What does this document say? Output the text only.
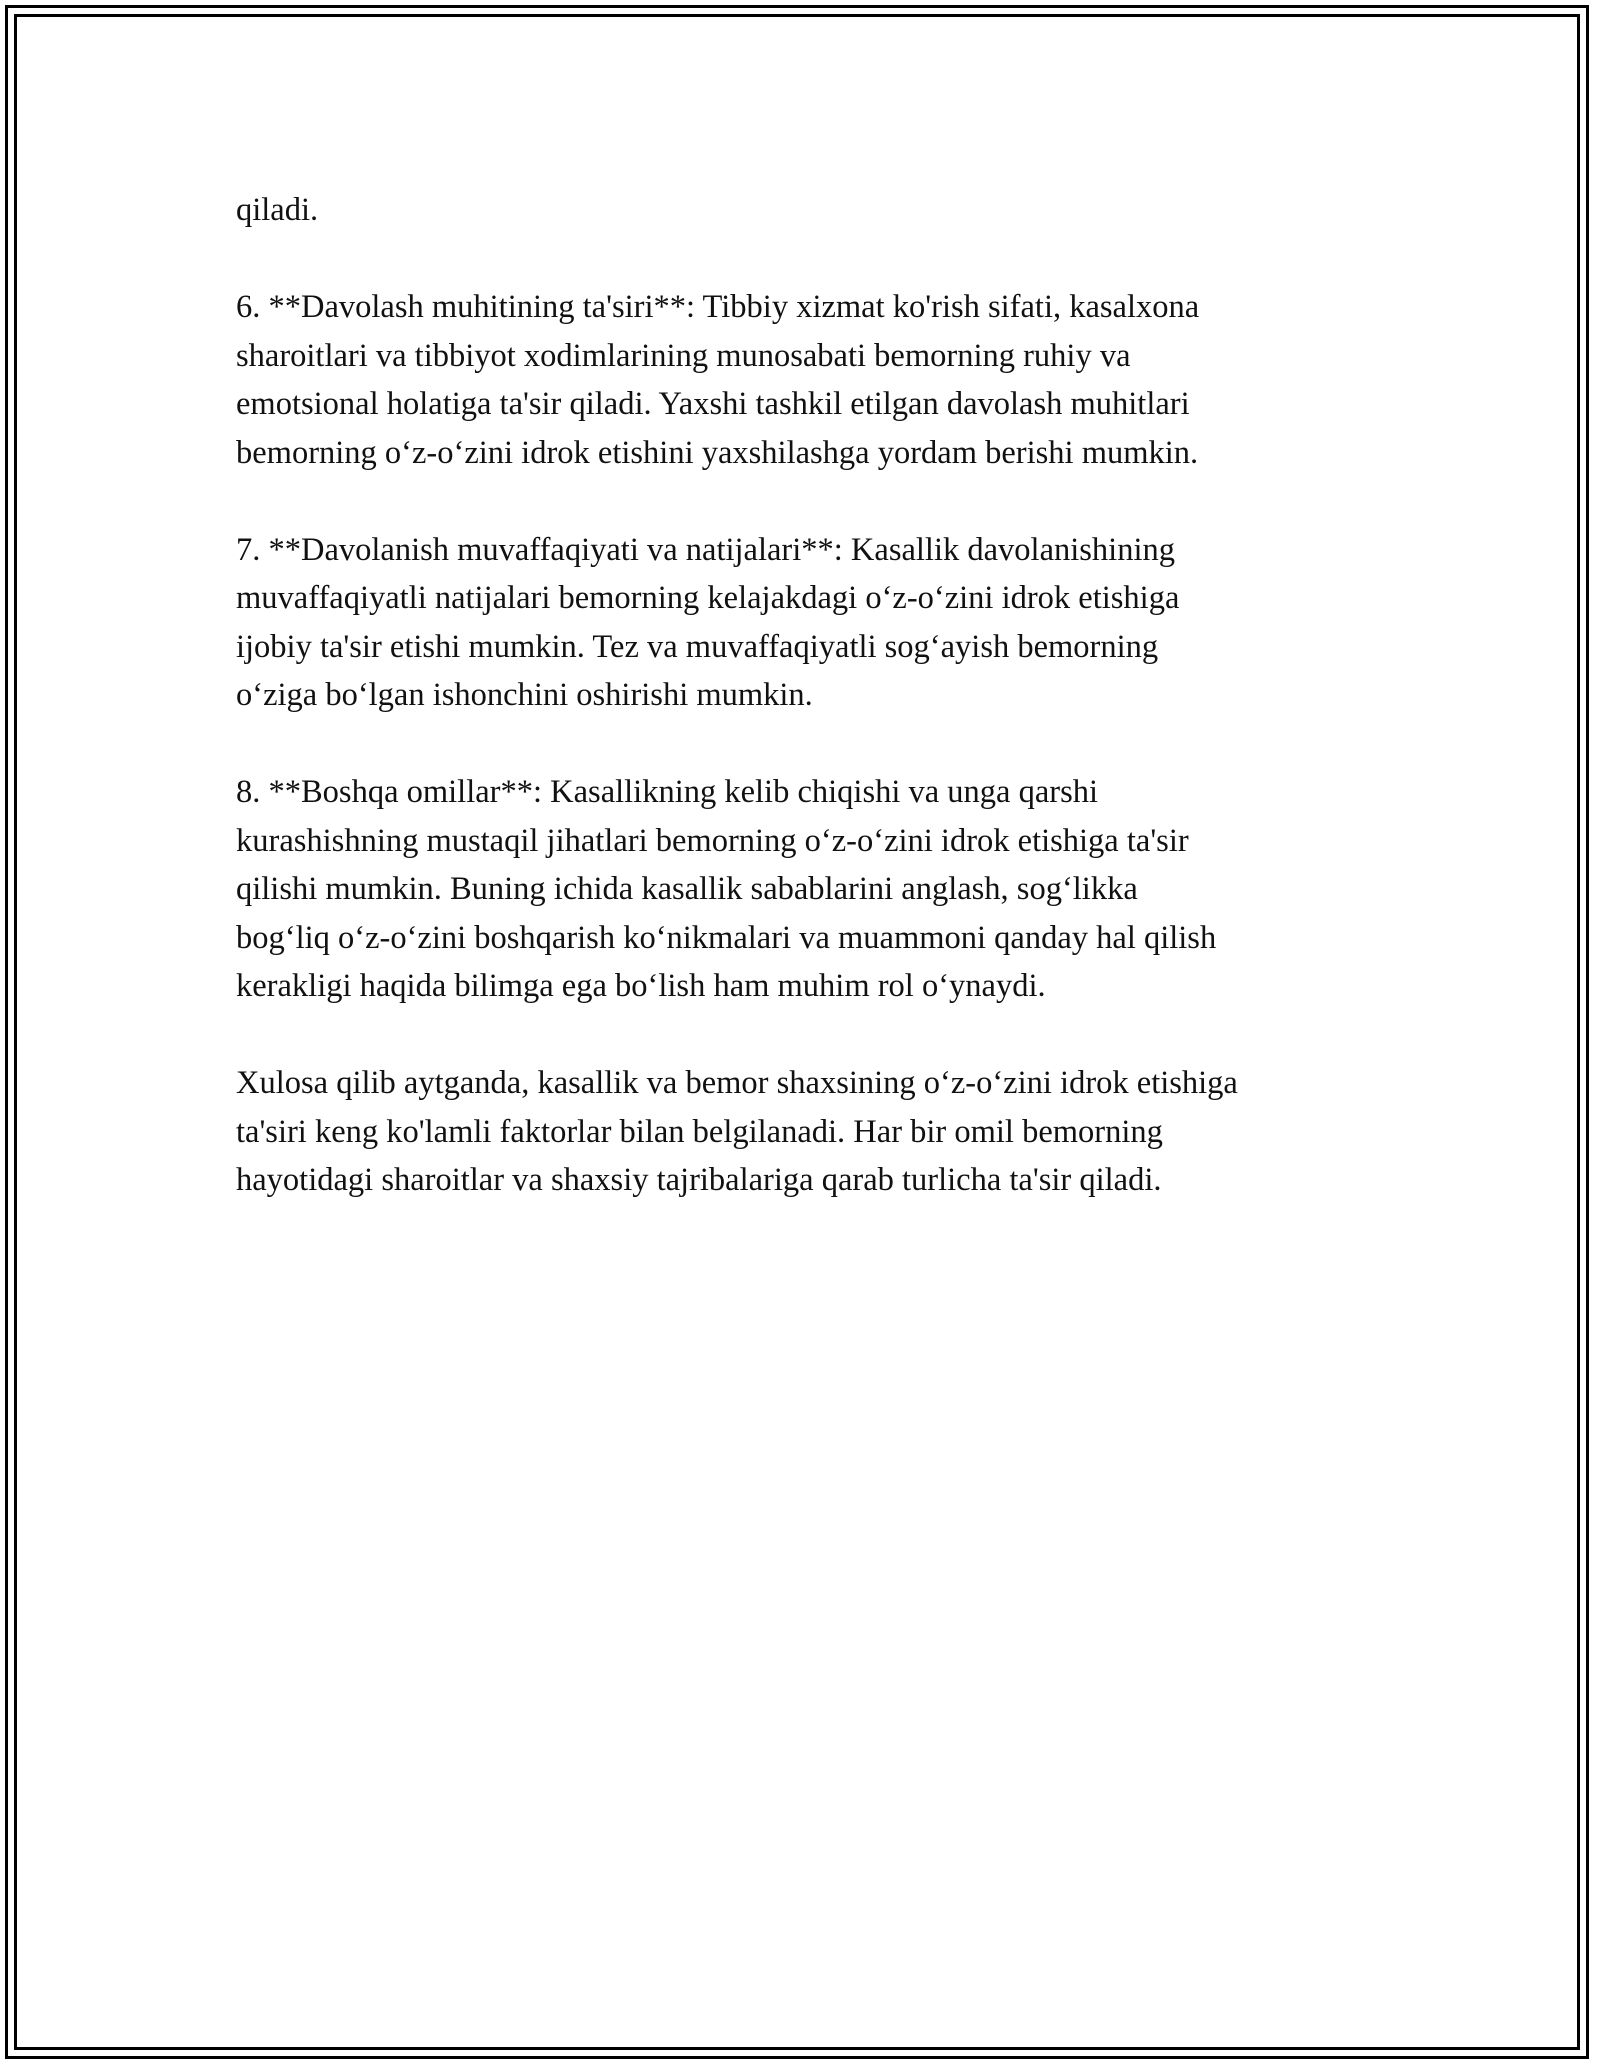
qiladi.

6. **Davolash muhitining ta'siri**: Tibbiy xizmat ko'rish sifati, kasalxona
sharoitlari va tibbiyot xodimlarining munosabati bemorning ruhiy va
emotsional holatiga ta'sir qiladi. Yaxshi tashkil etilgan davolash muhitlari
bemorning o‘z-o‘zini idrok etishini yaxshilashga yordam berishi mumkin.

7. **Davolanish muvaffaqiyati va natijalari**: Kasallik davolanishining
muvaffaqiyatli natijalari bemorning kelajakdagi o‘z-o‘zini idrok etishiga
ijobiy ta'sir etishi mumkin. Tez va muvaffaqiyatli sog‘ayish bemorning
o‘ziga bo‘lgan ishonchini oshirishi mumkin.

8. **Boshqa omillar**: Kasallikning kelib chiqishi va unga qarshi
kurashishning mustaqil jihatlari bemorning o‘z-o‘zini idrok etishiga ta'sir
qilishi mumkin. Buning ichida kasallik sabablarini anglash, sog‘likka
bog‘liq o‘z-o‘zini boshqarish ko‘nikmalari va muammoni qanday hal qilish
kerakligi haqida bilimga ega bo‘lish ham muhim rol o‘ynaydi.

Xulosa qilib aytganda, kasallik va bemor shaxsining o‘z-o‘zini idrok etishiga
ta'siri keng ko'lamli faktorlar bilan belgilanadi. Har bir omil bemorning
hayotidagi sharoitlar va shaxsiy tajribalariga qarab turlicha ta'sir qiladi.
